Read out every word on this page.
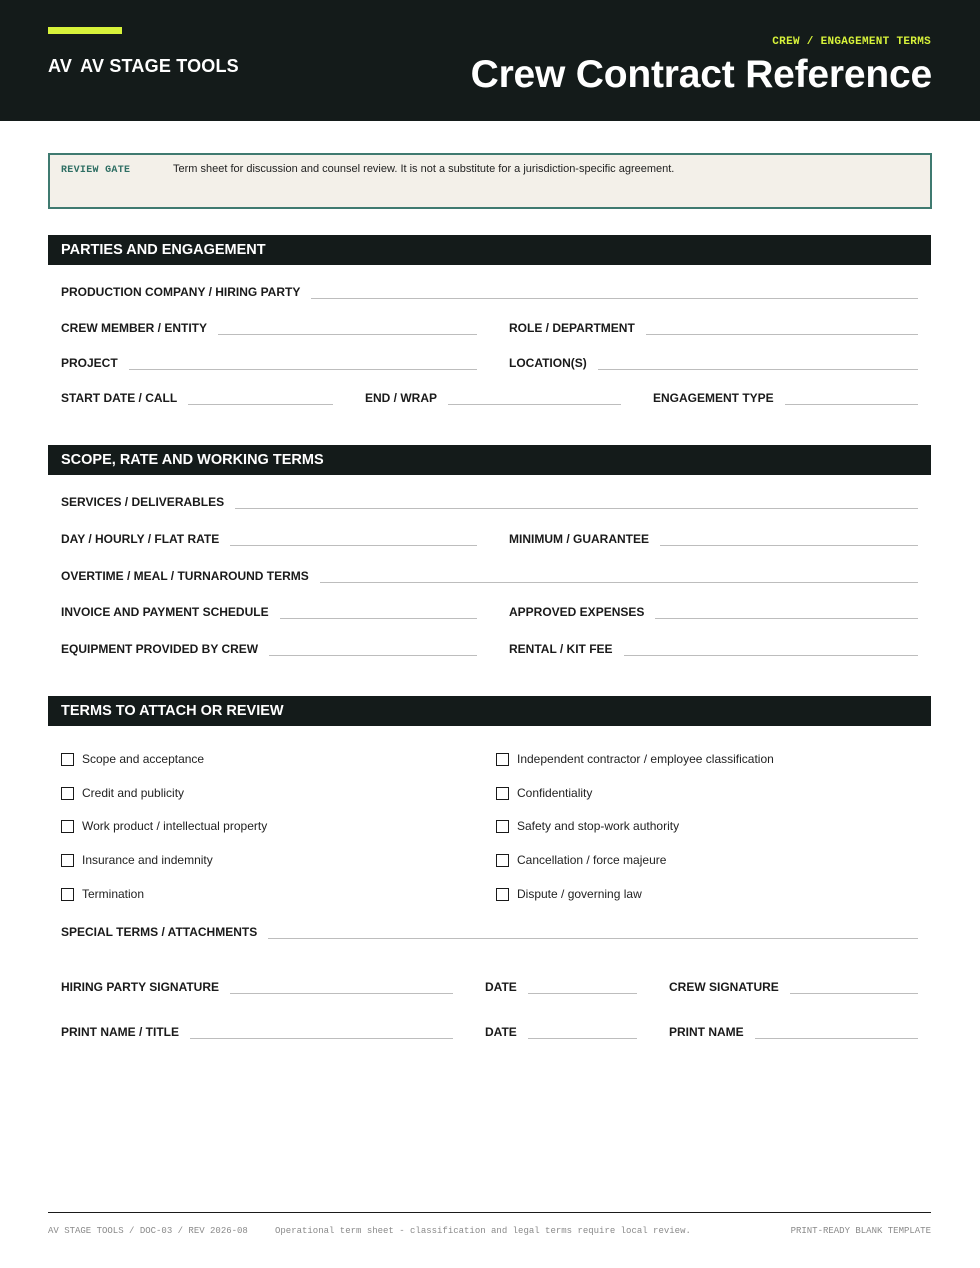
AV AV STAGE TOOLS
CREW / ENGAGEMENT TERMS
Crew Contract Reference
REVIEW GATE	Term sheet for discussion and counsel review. It is not a substitute for a jurisdiction-specific agreement.
PARTIES AND ENGAGEMENT
PRODUCTION COMPANY / HIRING PARTY
CREW MEMBER / ENTITY	ROLE / DEPARTMENT
PROJECT	LOCATION(S)
START DATE / CALL	END / WRAP	ENGAGEMENT TYPE
SCOPE, RATE AND WORKING TERMS
SERVICES / DELIVERABLES
DAY / HOURLY / FLAT RATE	MINIMUM / GUARANTEE
OVERTIME / MEAL / TURNAROUND TERMS
INVOICE AND PAYMENT SCHEDULE	APPROVED EXPENSES
EQUIPMENT PROVIDED BY CREW	RENTAL / KIT FEE
TERMS TO ATTACH OR REVIEW
Scope and acceptance
Credit and publicity
Work product / intellectual property
Insurance and indemnity
Termination
Independent contractor / employee classification
Confidentiality
Safety and stop-work authority
Cancellation / force majeure
Dispute / governing law
SPECIAL TERMS / ATTACHMENTS
HIRING PARTY SIGNATURE	DATE	CREW SIGNATURE
PRINT NAME / TITLE	DATE	PRINT NAME
AV STAGE TOOLS / DOC-03 / REV 2026-08	Operational term sheet - classification and legal terms require local review.	PRINT-READY BLANK TEMPLATE
